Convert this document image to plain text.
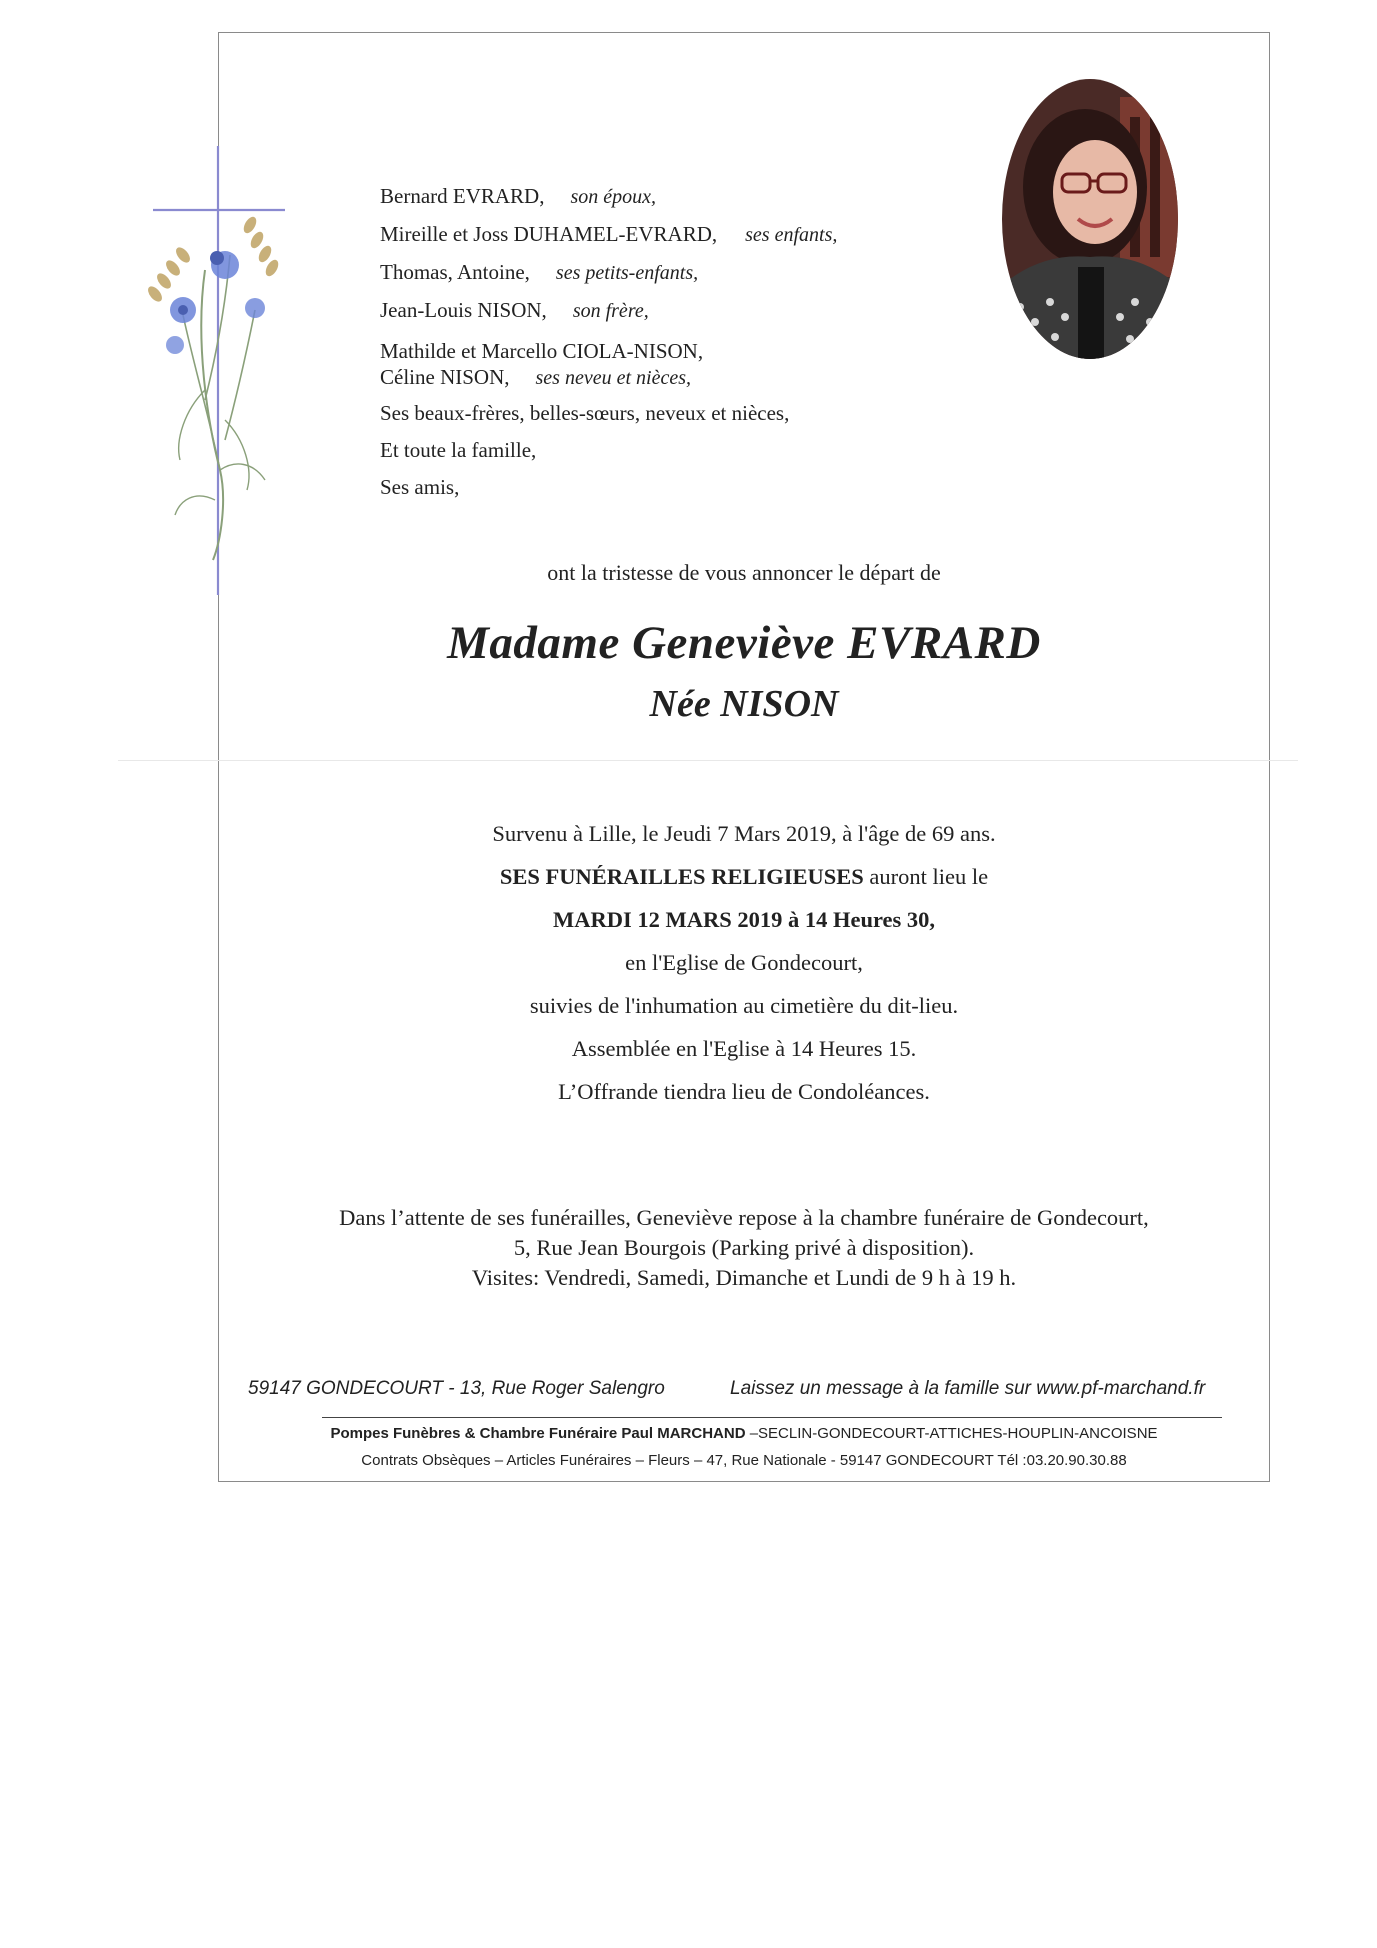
Bernard EVRARD, son époux,
Mireille et Joss DUHAMEL-EVRARD, ses enfants,
Thomas, Antoine, ses petits-enfants,
Jean-Louis NISON, son frère,
Mathilde et Marcello CIOLA-NISON,
Céline NISON, ses neveu et nièces,
Ses beaux-frères, belles-sœurs, neveux et nièces,
Et toute la famille,
Ses amis,
ont la tristesse de vous annoncer le départ de
Madame Geneviève EVRARD
Née NISON
Survenu à Lille, le Jeudi 7 Mars 2019, à l'âge de 69 ans.
SES FUNÉRAILLES RELIGIEUSES auront lieu le
MARDI 12 MARS 2019 à 14 Heures 30,
en l'Eglise de Gondecourt,
suivies de l'inhumation au cimetière du dit-lieu.
Assemblée en l'Eglise à 14 Heures 15.
L’Offrande tiendra lieu de Condoléances.
Dans l’attente de ses funérailles, Geneviève repose à la chambre funéraire de Gondecourt,
5, Rue Jean Bourgois (Parking privé à disposition).
Visites: Vendredi, Samedi, Dimanche et Lundi de 9 h à 19 h.
59147 GONDECOURT - 13, Rue Roger Salengro	Laissez un message à la famille sur www.pf-marchand.fr
Pompes Funèbres & Chambre Funéraire Paul MARCHAND –SECLIN-GONDECOURT-ATTICHES-HOUPLIN-ANCOISNE
Contrats Obsèques – Articles Funéraires – Fleurs – 47, Rue Nationale - 59147 GONDECOURT Tél :03.20.90.30.88
